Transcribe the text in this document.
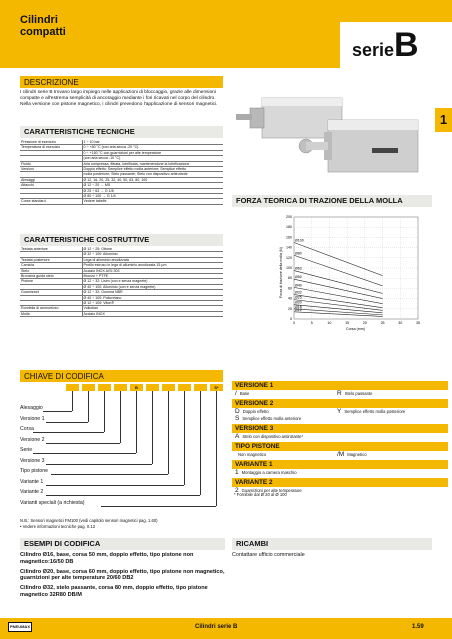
Cilindri
compatti
serieB
1
DESCRIZIONE
I cilindri serie B trovano largo impiego nelle applicazioni di bloccaggio, grazie alle dimensioni compatte e all'estrema semplicità di ancoraggio mediante i fori ricavati nel corpo del cilindro. Nella versione con pistone magnetico, i cilindri prevedono l'applicazione di sensori magnetici.
CARATTERISTICHE TECNICHE
Pressione di esercizio	1 ÷ 10 bar
Temperatura di esercizio	0 ÷ +80 °C (con aria secca -20 °C)
	0 ÷ +150 °C con guarnizioni per alte temperature
	(con aria secca -10 °C)
Fluido	Aria compressa, filtrata, lubrificata, mantenendone la lubrificazione
Versioni	Doppio effetto; Semplice effetto molla anteriore; Semplice effetto
	molla posteriore; Stelo passante; Stelo con dispositivo antirotante
Alesaggi	Ø 12, 16, 20, 25, 32, 40, 50, 63, 80, 100
Attacchi	Ø 12 ÷ 20 → M5
	Ø 25 ÷ 63 → G 1/8
	Ø 80 ÷ 100 → G 1/4
Corse standard	Vedere tabelle
CARATTERISTICHE COSTRUTTIVE
Testata anteriore	Ø 12 ÷ 25: Ottone
	Ø 32 ÷ 100: Alluminio
Testata posteriore	Lega di alluminio anodizzata
Camicia	Profilo estruso in lega di alluminio anodizzata 15 µm
Stelo	Acciaio INOX AISI 303
Bronzina guida stelo	Bronzo + PTFE
Pistone	Ø 12 ÷ 32: Lisim (con e senza magnete)
	Ø 40 ÷ 100: Alluminio (con e senza magnete)
Guarnizioni	Ø 12 ÷ 32: Gomma NBR
	Ø 40 ÷ 100: Poliuretano
	Ø 12 ÷ 100: Viton®
Rondella di ammortizzo	Vulkollan
Molla	Acciaio INOX
FORZA TEORICA DI TRAZIONE DELLA MOLLA
0
20
40
60
80
100
120
140
160
180
200
0	5	10	15	20	25	30	35
Ø100
Ø80
Ø63
Ø50
Ø40
Ø32
Ø25
Ø20
Ø16
Ø12
Corsa (mm)
Forza di trazione della molla (N)
CHIAVE DI CODIFICA
B	S*
Alesaggio
Versione 1
Corsa
Versione 2
Serie
Versione 3
Tipo pistone
Variante 1
Variante 2
Varianti speciali (a richiesta)
N.B.: Sensori magnetici FM100 (vedi capitolo sensori magnetici pag. 1.60)
• Vedere informazioni tecniche pag. 0.12
VERSIONE 1
/ Base	R Stelo passante
VERSIONE 2
D Doppio effetto	Y Semplice effetto molla posteriore
S Semplice effetto molla anteriore
VERSIONE 3
A Stelo con dispositivo antirotante*
TIPO PISTONE
Non magnetico	/M Magnetico
VARIANTE 1
1 Montaggio a camera maschio
VARIANTE 2
2 Guarnizioni per alte temperature
* Fornibile dal Ø 20 al Ø 100
ESEMPI DI CODIFICA
Cilindro Ø16, base, corsa 50 mm, doppio effetto, tipo pistone non magnetico:16/50 DB
Cilindro Ø20, base, corsa 60 mm, doppio effetto, tipo pistone non magnetico, guarnizioni per alte temperature 20/60 DB2
Cilindro Ø32, stelo passante, corsa 80 mm, doppio effetto, tipo pistone magnetico 32R80 DB/M
RICAMBI
Contattare ufficio commerciale
PNEUMAX	Cilindri serie B	1.59
